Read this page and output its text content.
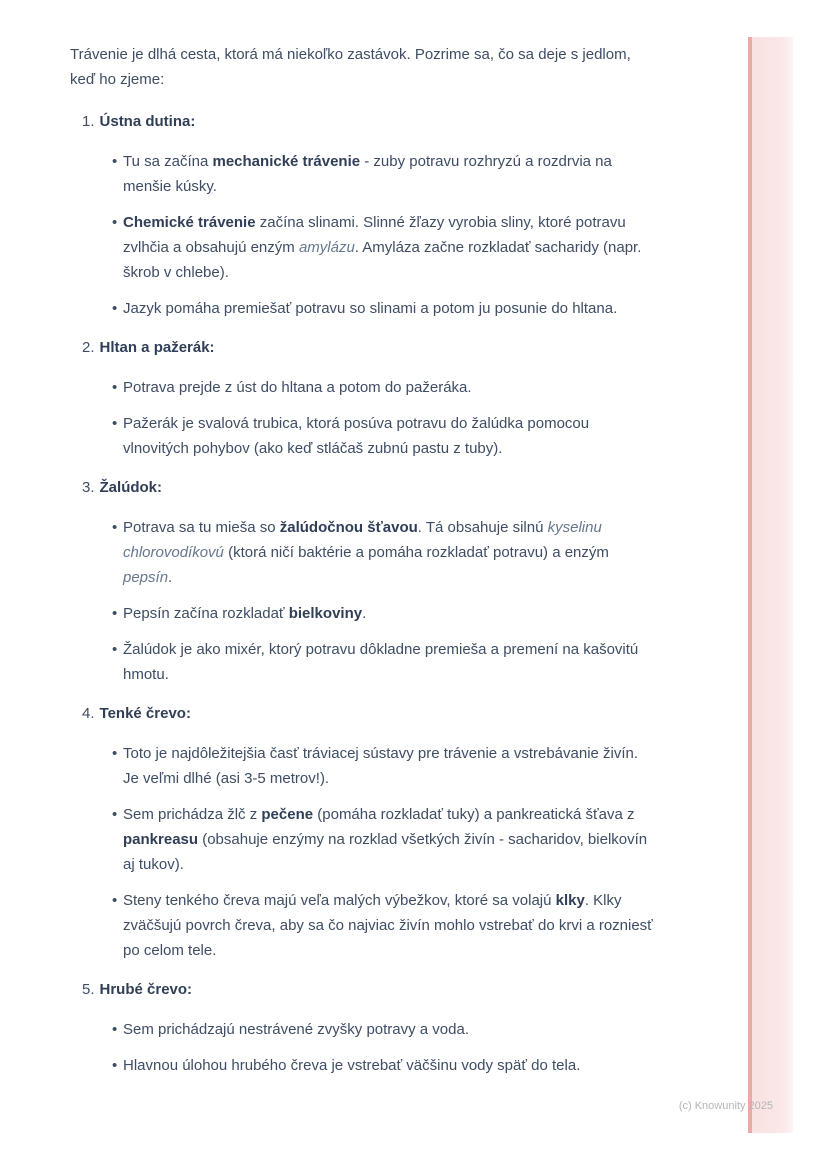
Trávenie je dlhá cesta, ktorá má niekoľko zastávok. Pozrime sa, čo sa deje s jedlom, keď ho zjeme:

1. Ústna dutina:
• Tu sa začína mechanické trávenie - zuby potravu rozhryzú a rozdrvia na menšie kúsky.
• Chemické trávenie začína slinami. Slinné žľazy vyrobia sliny, ktoré potravu zvlhčia a obsahujú enzým amylázu. Amyláza začne rozkladať sacharidy (napr. škrob v chlebe).
• Jazyk pomáha premiešať potravu so slinami a potom ju posunie do hltana.
2. Hltan a pažerák:
• Potrava prejde z úst do hltana a potom do pažeráka.
• Pažerák je svalová trubica, ktorá posúva potravu do žalúdka pomocou vlnovitých pohybov (ako keď stláčaš zubnú pastu z tuby).
3. Žalúdok:
• Potrava sa tu mieša so žalúdočnou šťavou. Tá obsahuje silnú kyselinu chlorovodíkovú (ktorá ničí baktérie a pomáha rozkladať potravu) a enzým pepsín.
• Pepsín začína rozkladať bielkoviny.
• Žalúdok je ako mixér, ktorý potravu dôkladne premieša a premení na kašovitú hmotu.
4. Tenké črevo:
• Toto je najdôležitejšia časť tráviacej sústavy pre trávenie a vstrebávanie živín. Je veľmi dlhé (asi 3-5 metrov!).
• Sem prichádza žlč z pečene (pomáha rozkladať tuky) a pankreatická šťava z pankreasu (obsahuje enzýmy na rozklad všetkých živín - sacharidov, bielkovín aj tukov).
• Steny tenkého čreva majú veľa malých výbežkov, ktoré sa volajú klky. Klky zväčšujú povrch čreva, aby sa čo najviac živín mohlo vstrebať do krvi a rozniesť po celom tele.
5. Hrubé črevo:
• Sem prichádzajú nestrávené zvyšky potravy a voda.
• Hlavnou úlohou hrubého čreva je vstrebať väčšinu vody späť do tela.
(c) Knowunity 2025
